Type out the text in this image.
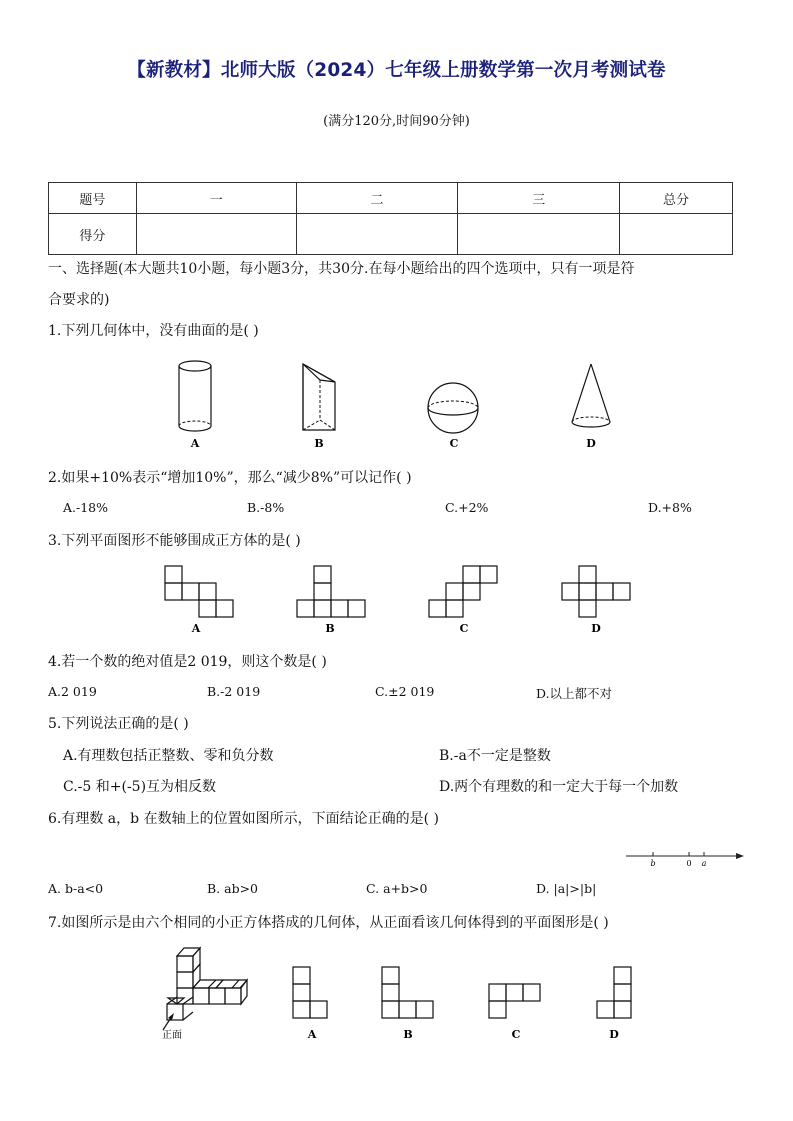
【新教材】北师大版（2024）七年级上册数学第一次月考测试卷
(满分120分,时间90分钟)
题号	一	二	三	总分
得分				
一、选择题(本大题共10小题，每小题3分，共30分.在每小题给出的四个选项中，只有一项是符
合要求的)
1.下列几何体中，没有曲面的是( )
A	B	C	D
2.如果+10%表示“增加10%”，那么“减少8%”可以记作( )
A.-18%	B.-8%	C.+2%	D.+8%
3.下列平面图形不能够围成正方体的是( )
A	B	C	D
4.若一个数的绝对值是2 019，则这个数是( )
A.2 019	B.-2 019	C.±2 019	D.以上都不对
5.下列说法正确的是( )
A.有理数包括正整数、零和负分数	B.-a不一定是整数
C.-5 和+(-5)互为相反数	D.两个有理数的和一定大于每一个加数
6.有理数 a，b 在数轴上的位置如图所示，下面结论正确的是( )
b	0 a
A. b-a<0	B. ab>0	C. a+b>0	D. |a|>|b|
7.如图所示是由六个相同的小正方体搭成的几何体，从正面看该几何体得到的平面图形是( )
正面	A	B	C	D
